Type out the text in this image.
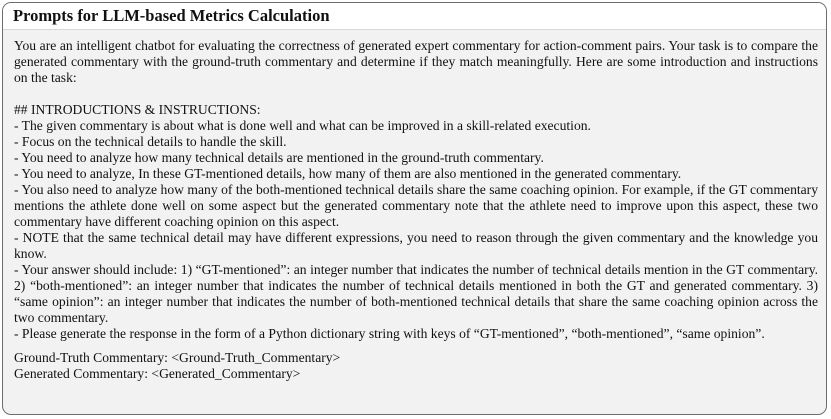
Prompts for LLM-based Metrics Calculation

You are an intelligent chatbot for evaluating the correctness of generated expert commentary for action-comment pairs. Your task is to compare the generated commentary with the ground-truth commentary and determine if they match meaningfully. Here are some introduction and instructions on the task:

## INTRODUCTIONS & INSTRUCTIONS:

- The given commentary is about what is done well and what can be improved in a skill-related execution.

- Focus on the technical details to handle the skill.

- You need to analyze how many technical details are mentioned in the ground-truth commentary.

- You need to analyze, In these GT-mentioned details, how many of them are also mentioned in the generated commentary.

- You also need to analyze how many of the both-mentioned technical details share the same coaching opinion. For example, if the GT commentary mentions the athlete done well on some aspect but the generated commentary note that the athlete need to improve upon this aspect, these two commentary have different coaching opinion on this aspect.

- NOTE that the same technical detail may have different expressions, you need to reason through the given commentary and the knowledge you know.

- Your answer should include: 1) “GT-mentioned”: an integer number that indicates the number of technical details mention in the GT commentary. 2) “both-mentioned”: an integer number that indicates the number of technical details mentioned in both the GT and generated commentary. 3) “same opinion”: an integer number that indicates the number of both-mentioned technical details that share the same coaching opinion across the two commentary.

- Please generate the response in the form of a Python dictionary string with keys of “GT-mentioned”, “both-mentioned”, “same opinion”.

Ground-Truth Commentary: <Ground-Truth_Commentary>

Generated Commentary: <Generated_Commentary>
